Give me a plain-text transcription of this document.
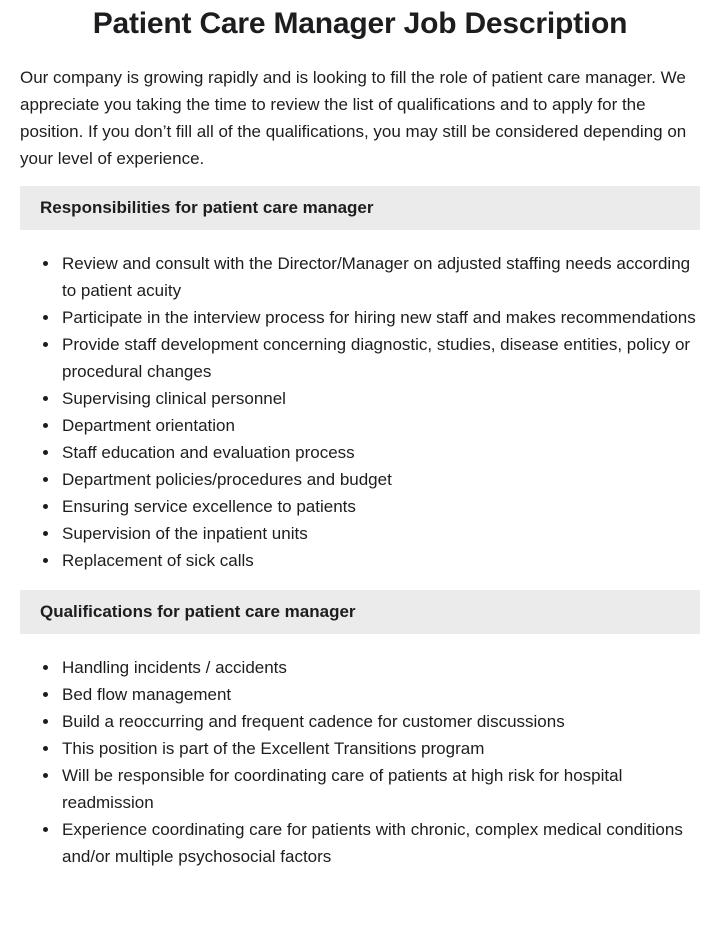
Patient Care Manager Job Description

Our company is growing rapidly and is looking to fill the role of patient care manager. We appreciate you taking the time to review the list of qualifications and to apply for the position. If you don’t fill all of the qualifications, you may still be considered depending on your level of experience.

Responsibilities for patient care manager
• Review and consult with the Director/Manager on adjusted staffing needs according to patient acuity
• Participate in the interview process for hiring new staff and makes recommendations
• Provide staff development concerning diagnostic, studies, disease entities, policy or procedural changes
• Supervising clinical personnel
• Department orientation
• Staff education and evaluation process
• Department policies/procedures and budget
• Ensuring service excellence to patients
• Supervision of the inpatient units
• Replacement of sick calls
Qualifications for patient care manager
• Handling incidents / accidents
• Bed flow management
• Build a reoccurring and frequent cadence for customer discussions
• This position is part of the Excellent Transitions program
• Will be responsible for coordinating care of patients at high risk for hospital readmission
• Experience coordinating care for patients with chronic, complex medical conditions and/or multiple psychosocial factors
